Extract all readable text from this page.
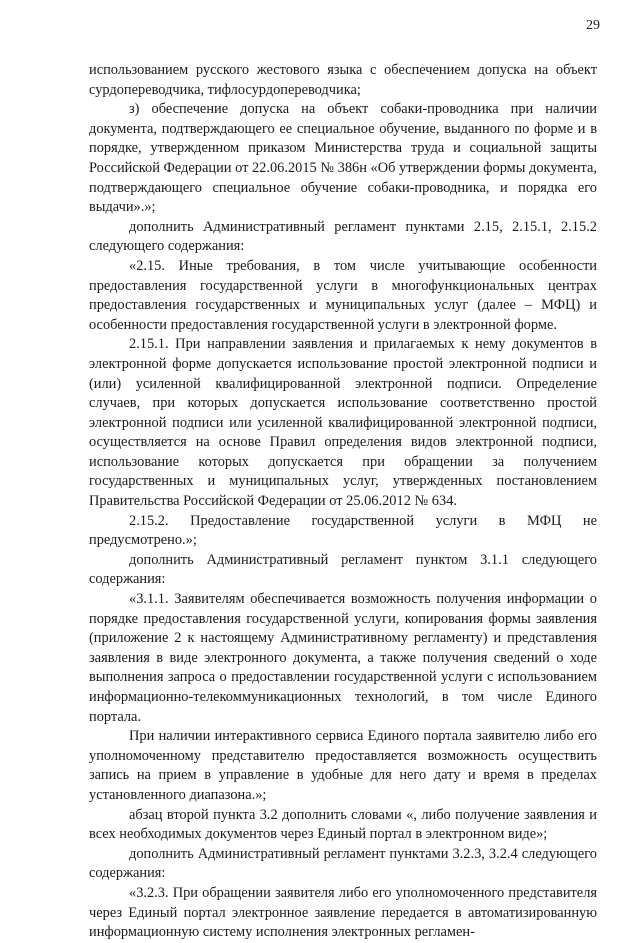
29

использованием русского жестового языка с обеспечением допуска на объект сурдопереводчика, тифлосурдопереводчика;

з) обеспечение допуска на объект собаки-проводника при наличии документа, подтверждающего ее специальное обучение, выданного по форме и в порядке, утвержденном приказом Министерства труда и социальной защиты Российской Федерации от 22.06.2015 № 386н «Об утверждении формы документа, подтверждающего специальное обучение собаки-проводника, и порядка его выдачи».»;

дополнить Административный регламент пунктами 2.15, 2.15.1, 2.15.2 следующего содержания:

«2.15. Иные требования, в том числе учитывающие особенности предоставления государственной услуги в многофункциональных центрах предоставления государственных и муниципальных услуг (далее – МФЦ) и особенности предоставления государственной услуги в электронной форме.

2.15.1. При направлении заявления и прилагаемых к нему документов в электронной форме допускается использование простой электронной подписи и (или) усиленной квалифицированной электронной подписи. Определение случаев, при которых допускается использование соответственно простой электронной подписи или усиленной квалифицированной электронной подписи, осуществляется на основе Правил определения видов электронной подписи, использование которых допускается при обращении за получением государственных и муниципальных услуг, утвержденных постановлением Правительства Российской Федерации от 25.06.2012 № 634.

2.15.2. Предоставление государственной услуги в МФЦ не предусмотрено.»;

дополнить Административный регламент пунктом 3.1.1 следующего содержания:

«3.1.1. Заявителям обеспечивается возможность получения информации о порядке предоставления государственной услуги, копирования формы заявления (приложение 2 к настоящему Административному регламенту) и представления заявления в виде электронного документа, а также получения сведений о ходе выполнения запроса о предоставлении государственной услуги с использованием информационно-телекоммуникационных технологий, в том числе Единого портала.

При наличии интерактивного сервиса Единого портала заявителю либо его уполномоченному представителю предоставляется возможность осуществить запись на прием в управление в удобные для него дату и время в пределах установленного диапазона.»;

абзац второй пункта 3.2 дополнить словами «, либо получение заявления и всех необходимых документов через Единый портал в электронном виде»;

дополнить Административный регламент пунктами 3.2.3, 3.2.4 следующего содержания:

«3.2.3. При обращении заявителя либо его уполномоченного представителя через Единый портал электронное заявление передается в автоматизированную информационную систему исполнения электронных регламен-
